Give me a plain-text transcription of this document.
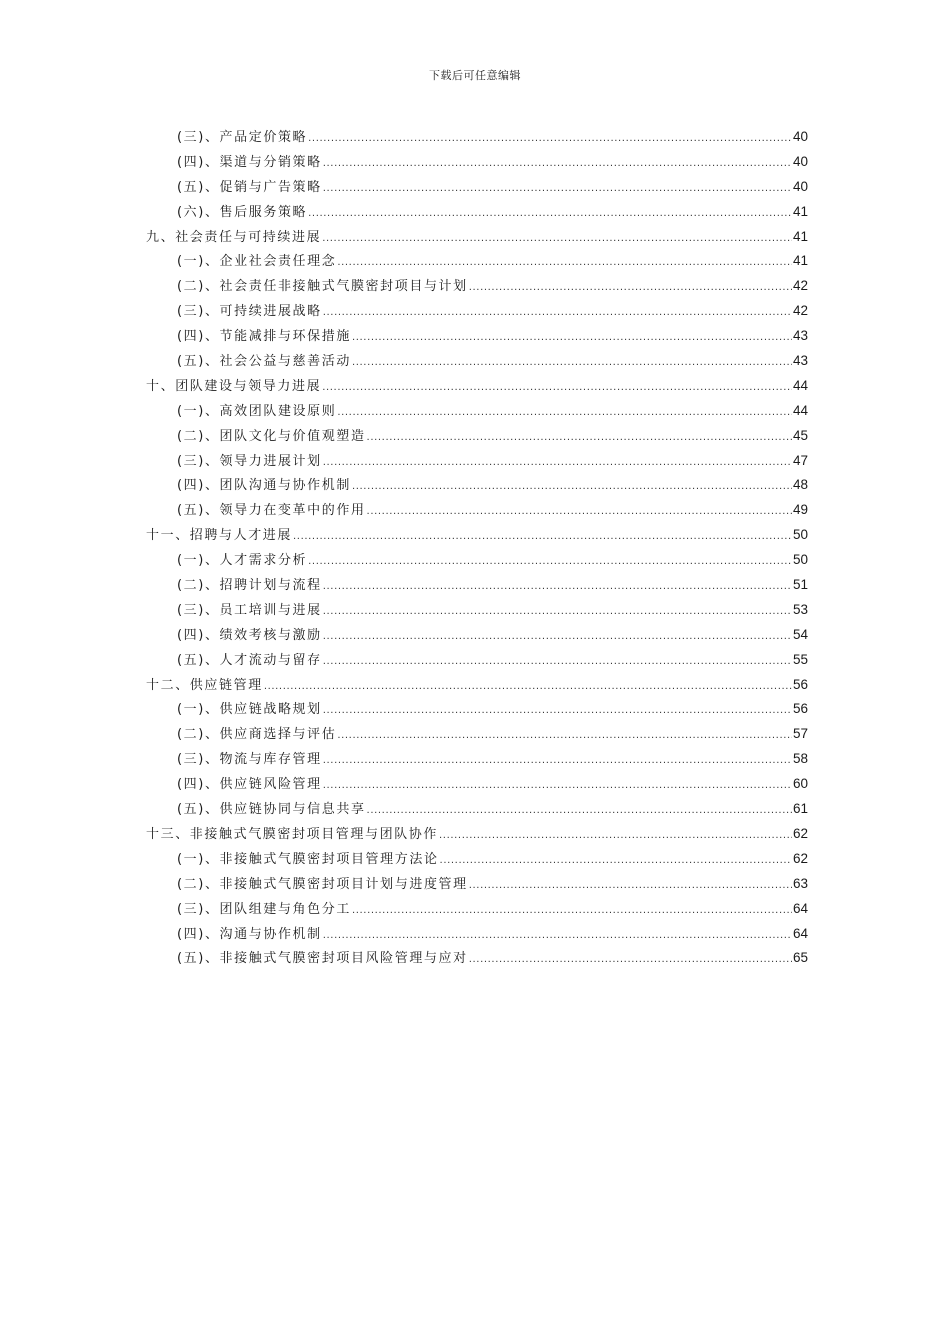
下载后可任意编辑
(三)、产品定价策略 .....	40
(四)、渠道与分销策略 .....	40
(五)、促销与广告策略 .....	40
(六)、售后服务策略 .....	41
九、社会责任与可持续进展 .....	41
(一)、企业社会责任理念 .....	41
(二)、社会责任非接触式气膜密封项目与计划 .....	42
(三)、可持续进展战略 .....	42
(四)、节能减排与环保措施 .....	43
(五)、社会公益与慈善活动 .....	43
十、团队建设与领导力进展 .....	44
(一)、高效团队建设原则 .....	44
(二)、团队文化与价值观塑造 .....	45
(三)、领导力进展计划 .....	47
(四)、团队沟通与协作机制 .....	48
(五)、领导力在变革中的作用 .....	49
十一、招聘与人才进展 .....	50
(一)、人才需求分析 .....	50
(二)、招聘计划与流程 .....	51
(三)、员工培训与进展 .....	53
(四)、绩效考核与激励 .....	54
(五)、人才流动与留存 .....	55
十二、供应链管理 .....	56
(一)、供应链战略规划 .....	56
(二)、供应商选择与评估 .....	57
(三)、物流与库存管理 .....	58
(四)、供应链风险管理 .....	60
(五)、供应链协同与信息共享 .....	61
十三、非接触式气膜密封项目管理与团队协作 .....	62
(一)、非接触式气膜密封项目管理方法论 .....	62
(二)、非接触式气膜密封项目计划与进度管理 .....	63
(三)、团队组建与角色分工 .....	64
(四)、沟通与协作机制 .....	64
(五)、非接触式气膜密封项目风险管理与应对 .....	65
